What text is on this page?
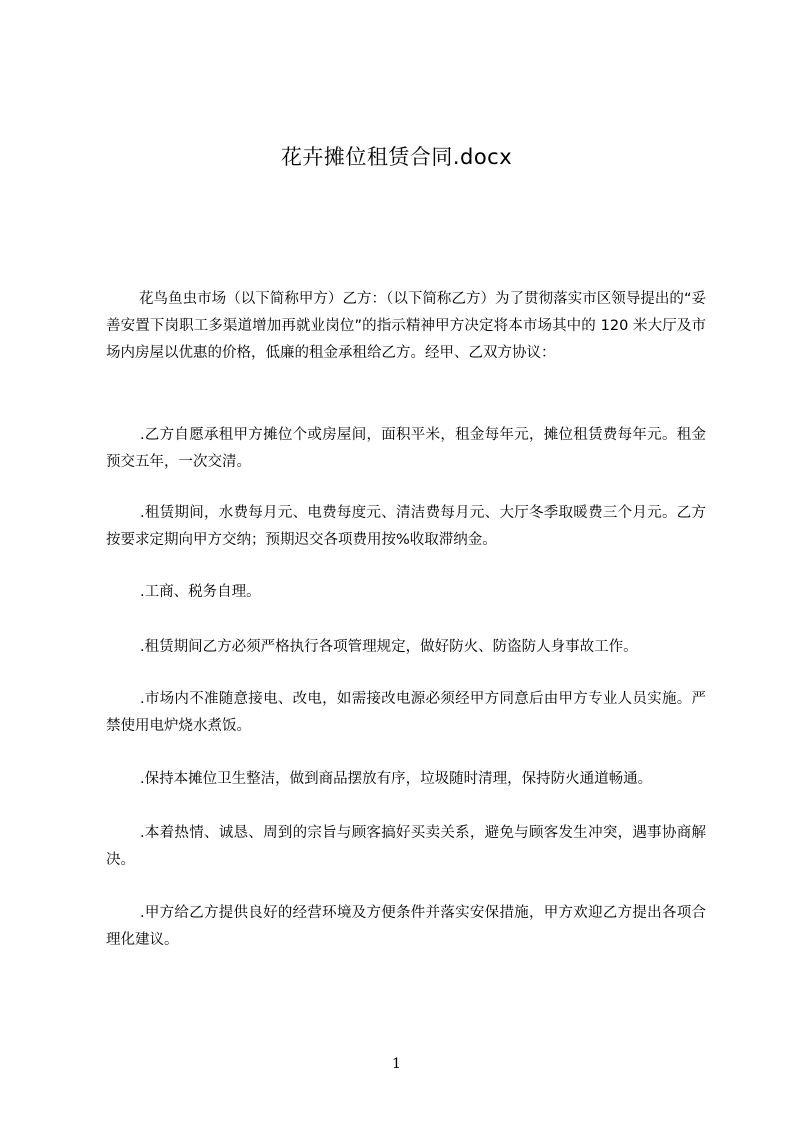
花卉摊位租赁合同.docx

花鸟鱼虫市场（以下简称甲方）乙方：（以下简称乙方）为了贯彻落实市区领导提出的“妥善安置下岗职工多渠道增加再就业岗位”的指示精神甲方决定将本市场其中的 120 米大厅及市场内房屋以优惠的价格，低廉的租金承租给乙方。经甲、乙双方协议：

.乙方自愿承租甲方摊位个或房屋间，面积平米，租金每年元，摊位租赁费每年元。租金预交五年，一次交清。

.租赁期间，水费每月元、电费每度元、清洁费每月元、大厅冬季取暖费三个月元。乙方按要求定期向甲方交纳；预期迟交各项费用按%收取滞纳金。

.工商、税务自理。

.租赁期间乙方必须严格执行各项管理规定，做好防火、防盗防人身事故工作。

.市场内不准随意接电、改电，如需接改电源必须经甲方同意后由甲方专业人员实施。严禁使用电炉烧水煮饭。

.保持本摊位卫生整洁，做到商品摆放有序，垃圾随时清理，保持防火通道畅通。

.本着热情、诚恳、周到的宗旨与顾客搞好买卖关系，避免与顾客发生冲突，遇事协商解决。

.甲方给乙方提供良好的经营环境及方便条件并落实安保措施，甲方欢迎乙方提出各项合理化建议。

1
